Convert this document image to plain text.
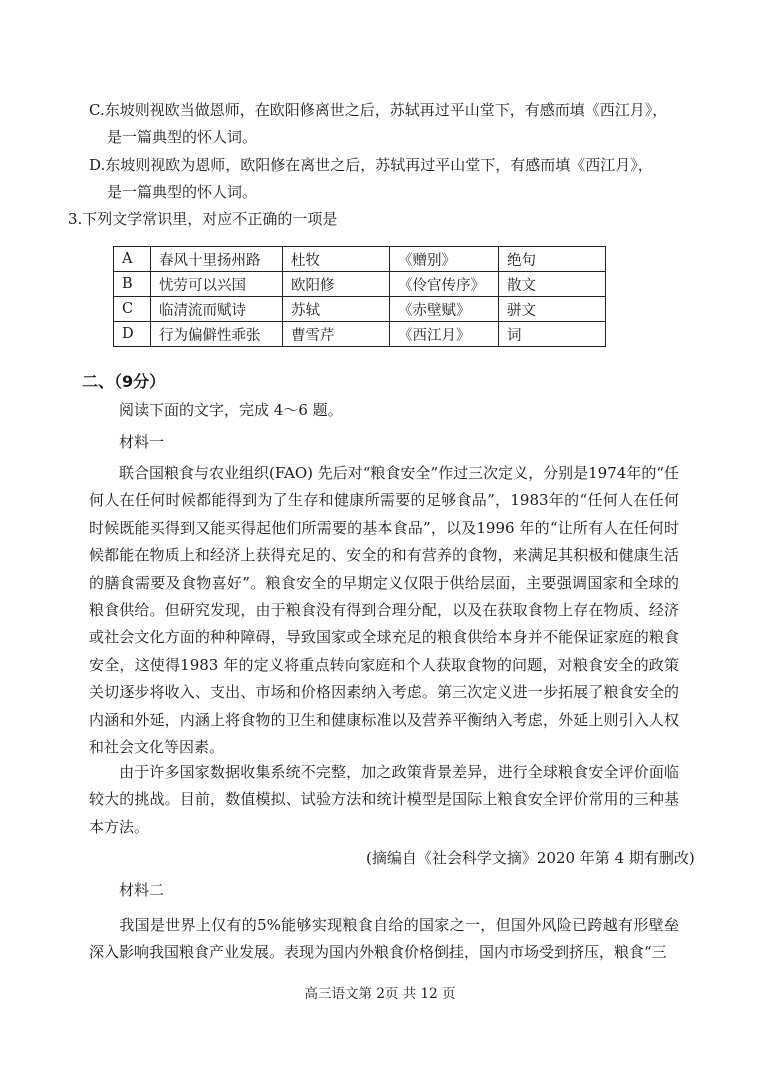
C.东坡则视欧当做恩师，在欧阳修离世之后，苏轼再过平山堂下，有感而填《西江月》，
是一篇典型的怀人词。
D.东坡则视欧为恩师，欧阳修在离世之后，苏轼再过平山堂下，有感而填《西江月》，
是一篇典型的怀人词。
3.下列文学常识里，对应不正确的一项是
A	春风十里扬州路	杜牧	《赠别》	绝句
B	忧劳可以兴国	欧阳修	《伶官传序》	散文
C	临清流而赋诗	苏轼	《赤壁赋》	骈文
D	行为偏僻性乖张	曹雪芹	《西江月》	词
二、（9分）
阅读下面的文字，完成 4～6 题。
材料一
联合国粮食与农业组织(FAO) 先后对“粮食安全”作过三次定义，分别是1974年的“任何人在任何时候都能得到为了生存和健康所需要的足够食品”，1983年的“任何人在任何时候既能买得到又能买得起他们所需要的基本食品”，以及1996 年的“让所有人在任何时候都能在物质上和经济上获得充足的、安全的和有营养的食物，来满足其积极和健康生活的膳食需要及食物喜好”。粮食安全的早期定义仅限于供给层面，主要强调国家和全球的粮食供给。但研究发现，由于粮食没有得到合理分配，以及在获取食物上存在物质、经济或社会文化方面的种种障碍，导致国家或全球充足的粮食供给本身并不能保证家庭的粮食安全，这使得1983 年的定义将重点转向家庭和个人获取食物的问题，对粮食安全的政策关切逐步将收入、支出、市场和价格因素纳入考虑。第三次定义进一步拓展了粮食安全的内涵和外延，内涵上将食物的卫生和健康标准以及营养平衡纳入考虑，外延上则引入人权和社会文化等因素。
由于许多国家数据收集系统不完整，加之政策背景差异，进行全球粮食安全评价面临较大的挑战。目前，数值模拟、试验方法和统计模型是国际上粮食安全评价常用的三种基本方法。
(摘编自《社会科学文摘》2020 年第 4 期有删改)
材料二
我国是世界上仅有的5%能够实现粮食自给的国家之一，但国外风险已跨越有形壁垒深入影响我国粮食产业发展。表现为国内外粮食价格倒挂，国内市场受到挤压，粮食“三
高三语文第 2页 共 12 页
